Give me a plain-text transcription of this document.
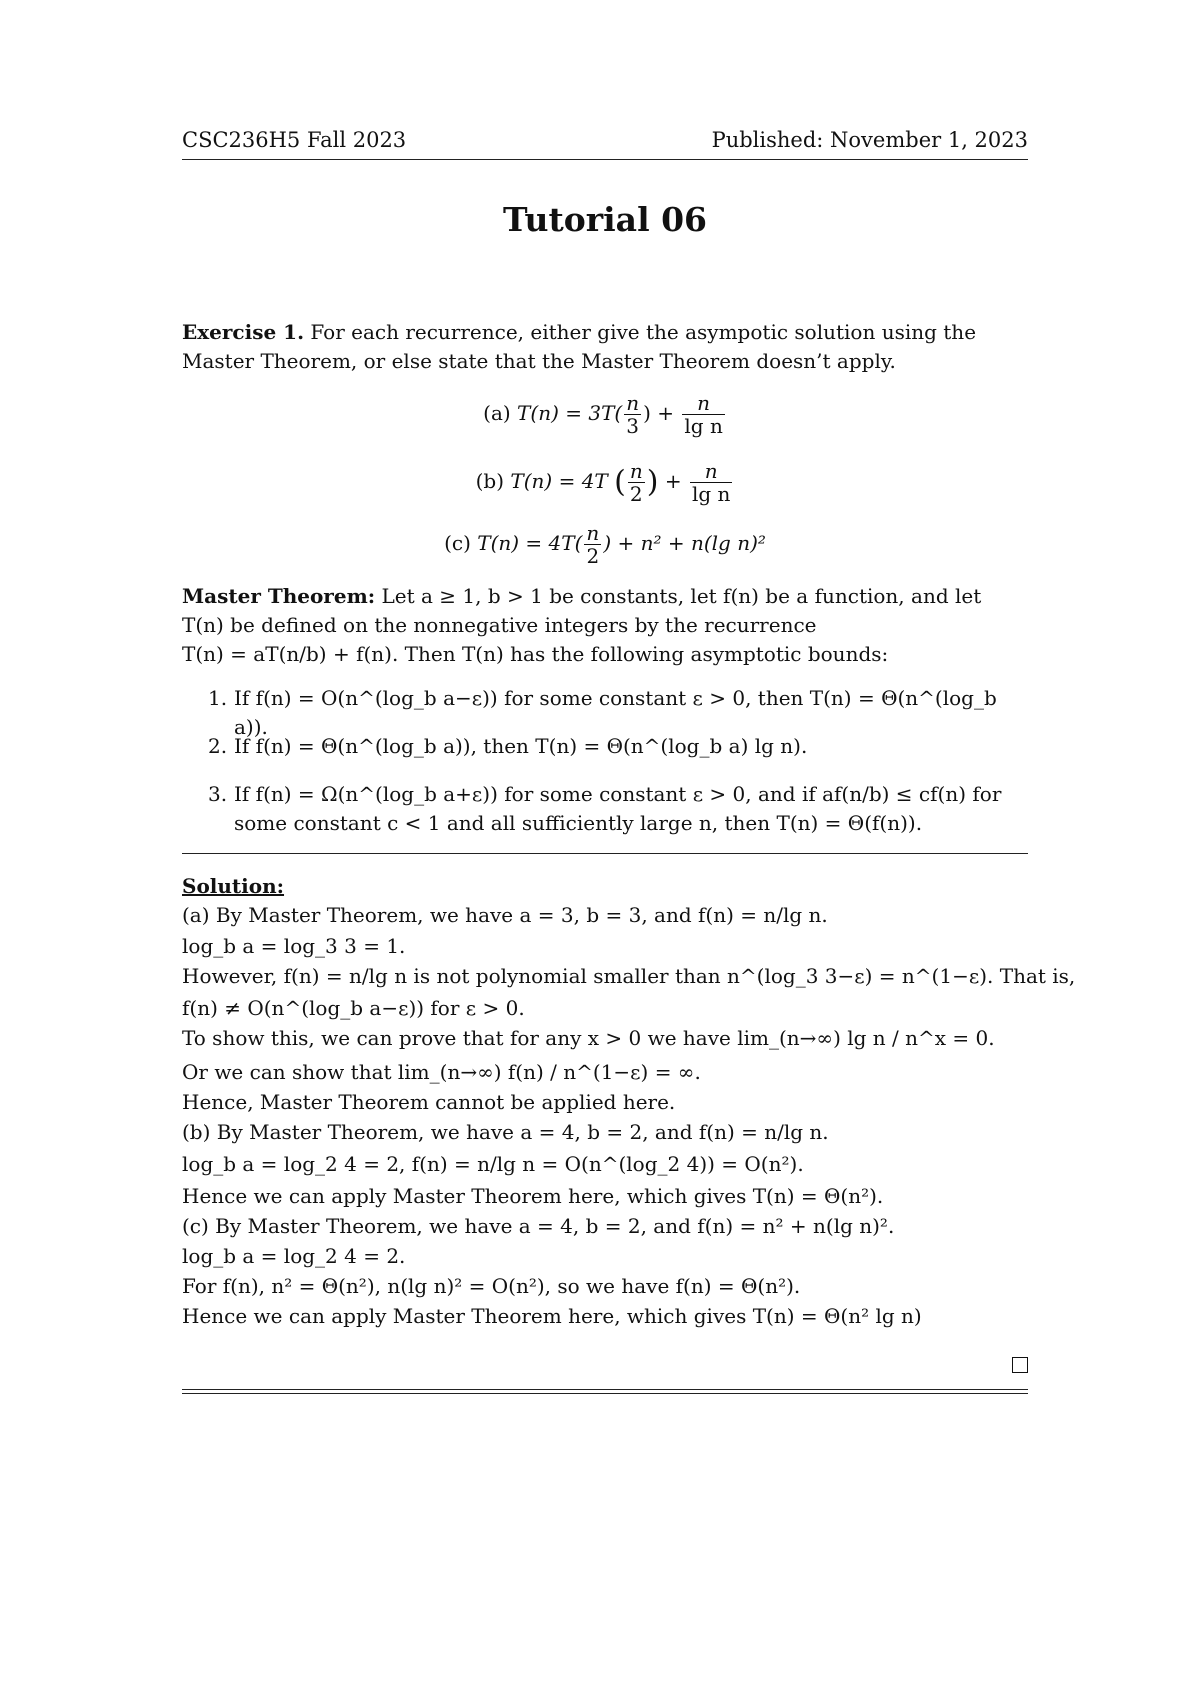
CSC236H5 Fall 2023	Published: November 1, 2023
Tutorial 06
Exercise 1. For each recurrence, either give the asympotic solution using the
Master Theorem, or else state that the Master Theorem doesn’t apply.
(a) $T(n) = 3T( \frac{n}{3}$ ) + $\frac{n}{\text{lg n}}$
(b) T(n) = 4T ( $\frac{n}{2}$ ) + $\frac{n}{\text{lg n}}$
(c) $T(n) = 4T( \frac{n}{2}$ ) + n² + n(lg n)²
Master Theorem: Let a ≥ 1, b > 1 be constants, let f(n) be a function, and let
T(n) be defined on the nonnegative integers by the recurrence
T(n) = aT(n/b) + f(n). Then T(n) has the following asymptotic bounds:
1. If f(n) = O(n^(log_b a−ε)) for some constant ε > 0, then T(n) = Θ(n^(log_b a)).
2. If f(n) = Θ(n^(log_b a)), then T(n) = Θ(n^(log_b a) lg n).
3. If f(n) = Ω(n^(log_b a+ε)) for some constant ε > 0, and if af(n/b) ≤ cf(n) for
some constant c < 1 and all sufficiently large n, then T(n) = Θ(f(n)).
Solution:
(a) By Master Theorem, we have a = 3, b = 3, and f(n) = n/lg n.
log_b a = log_3 3 = 1.
However, f(n) = n/lg n is not polynomial smaller than n^(log_3 3−ε) = n^(1−ε). That is,
f(n) ≠ O(n^(log_b a−ε)) for ε > 0.
To show this, we can prove that for any x > 0 we have lim_(n→∞) lg n / n^x = 0.
Or we can show that lim_(n→∞) f(n) / n^(1−ε) = ∞.
Hence, Master Theorem cannot be applied here.
(b) By Master Theorem, we have a = 4, b = 2, and f(n) = n/lg n.
log_b a = log_2 4 = 2, f(n) = n/lg n = O(n^(log_2 4)) = O(n²).
Hence we can apply Master Theorem here, which gives T(n) = Θ(n²).
(c) By Master Theorem, we have a = 4, b = 2, and f(n) = n² + n(lg n)².
log_b a = log_2 4 = 2.
For f(n), n² = Θ(n²), n(lg n)² = O(n²), so we have f(n) = Θ(n²).
Hence we can apply Master Theorem here, which gives T(n) = Θ(n² lg n)
